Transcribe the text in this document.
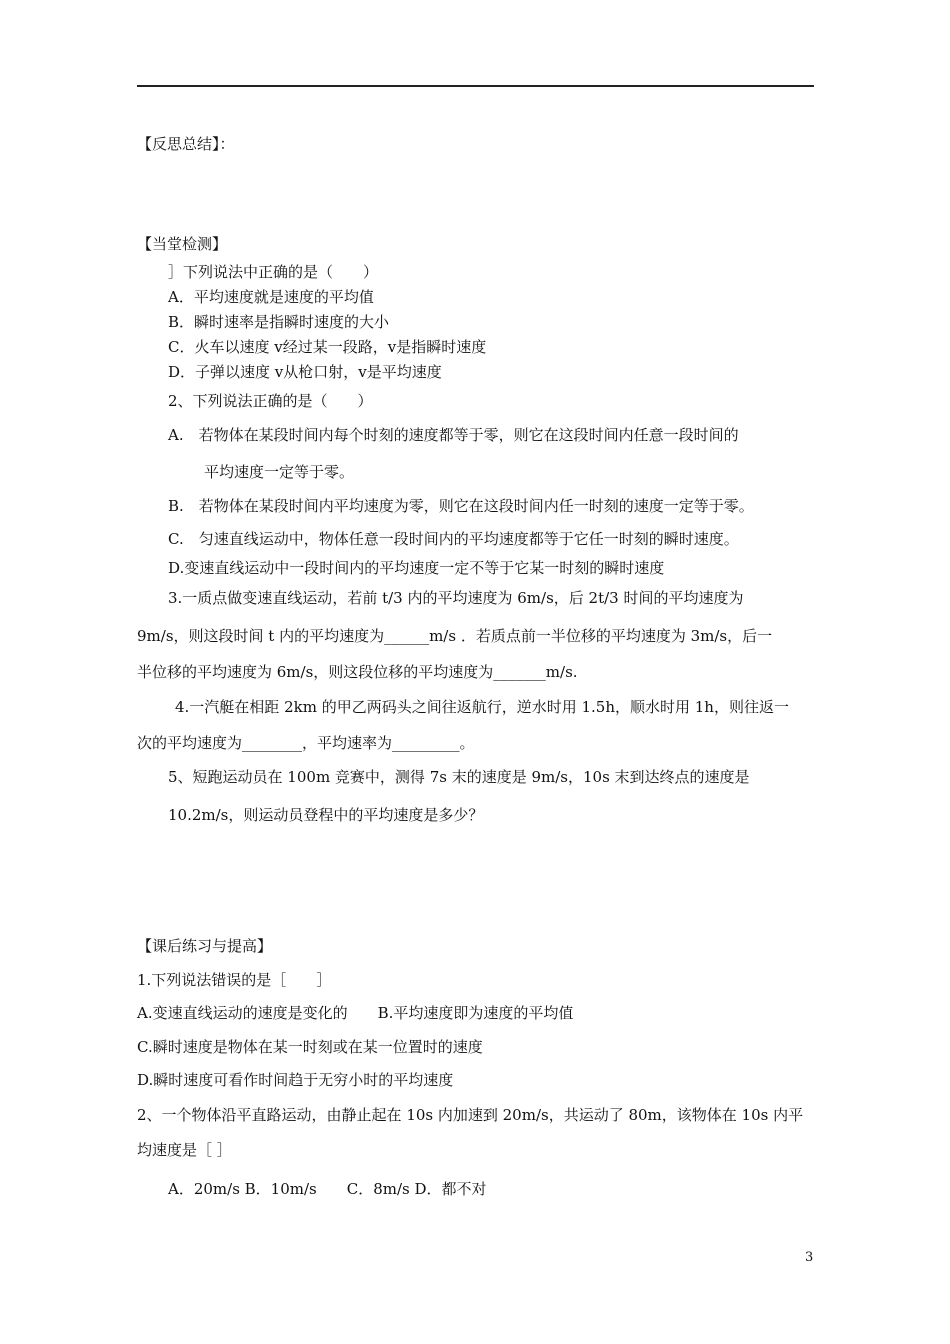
【反思总结】：
【当堂检测】
］下列说法中正确的是（　　）
A．平均速度就是速度的平均值
B．瞬时速率是指瞬时速度的大小
C．火车以速度 v经过某一段路，v是指瞬时速度
D．子弹以速度 v从枪口射，v是平均速度
2、下列说法正确的是（　　）
A.　若物体在某段时间内每个时刻的速度都等于零，则它在这段时间内任意一段时间的
平均速度一定等于零。
B.　若物体在某段时间内平均速度为零，则它在这段时间内任一时刻的速度一定等于零。
C.　匀速直线运动中，物体任意一段时间内的平均速度都等于它任一时刻的瞬时速度。
D.变速直线运动中一段时间内的平均速度一定不等于它某一时刻的瞬时速度
3.一质点做变速直线运动，若前 t/3 内的平均速度为 6m/s，后 2t/3 时间的平均速度为
9m/s，则这段时间 t 内的平均速度为______m/s ．若质点前一半位移的平均速度为 3m/s，后一
半位移的平均速度为 6m/s，则这段位移的平均速度为_______m/s.
4.一汽艇在相距 2km 的甲乙两码头之间往返航行，逆水时用 1.5h，顺水时用 1h，则往返一
次的平均速度为________，平均速率为_________。
5、短跑运动员在 100m 竞赛中，测得 7s 末的速度是 9m/s，10s 末到达终点的速度是
10.2m/s，则运动员登程中的平均速度是多少？
【课后练习与提高】
1.下列说法错误的是［　　］
A.变速直线运动的速度是变化的　　B.平均速度即为速度的平均值
C.瞬时速度是物体在某一时刻或在某一位置时的速度
D.瞬时速度可看作时间趋于无穷小时的平均速度
2、一个物体沿平直路运动，由静止起在 10s 内加速到 20m/s，共运动了 80m，该物体在 10s 内平
均速度是［ ］
A．20m/s B．10m/s　　C．8m/s D．都不对
3
